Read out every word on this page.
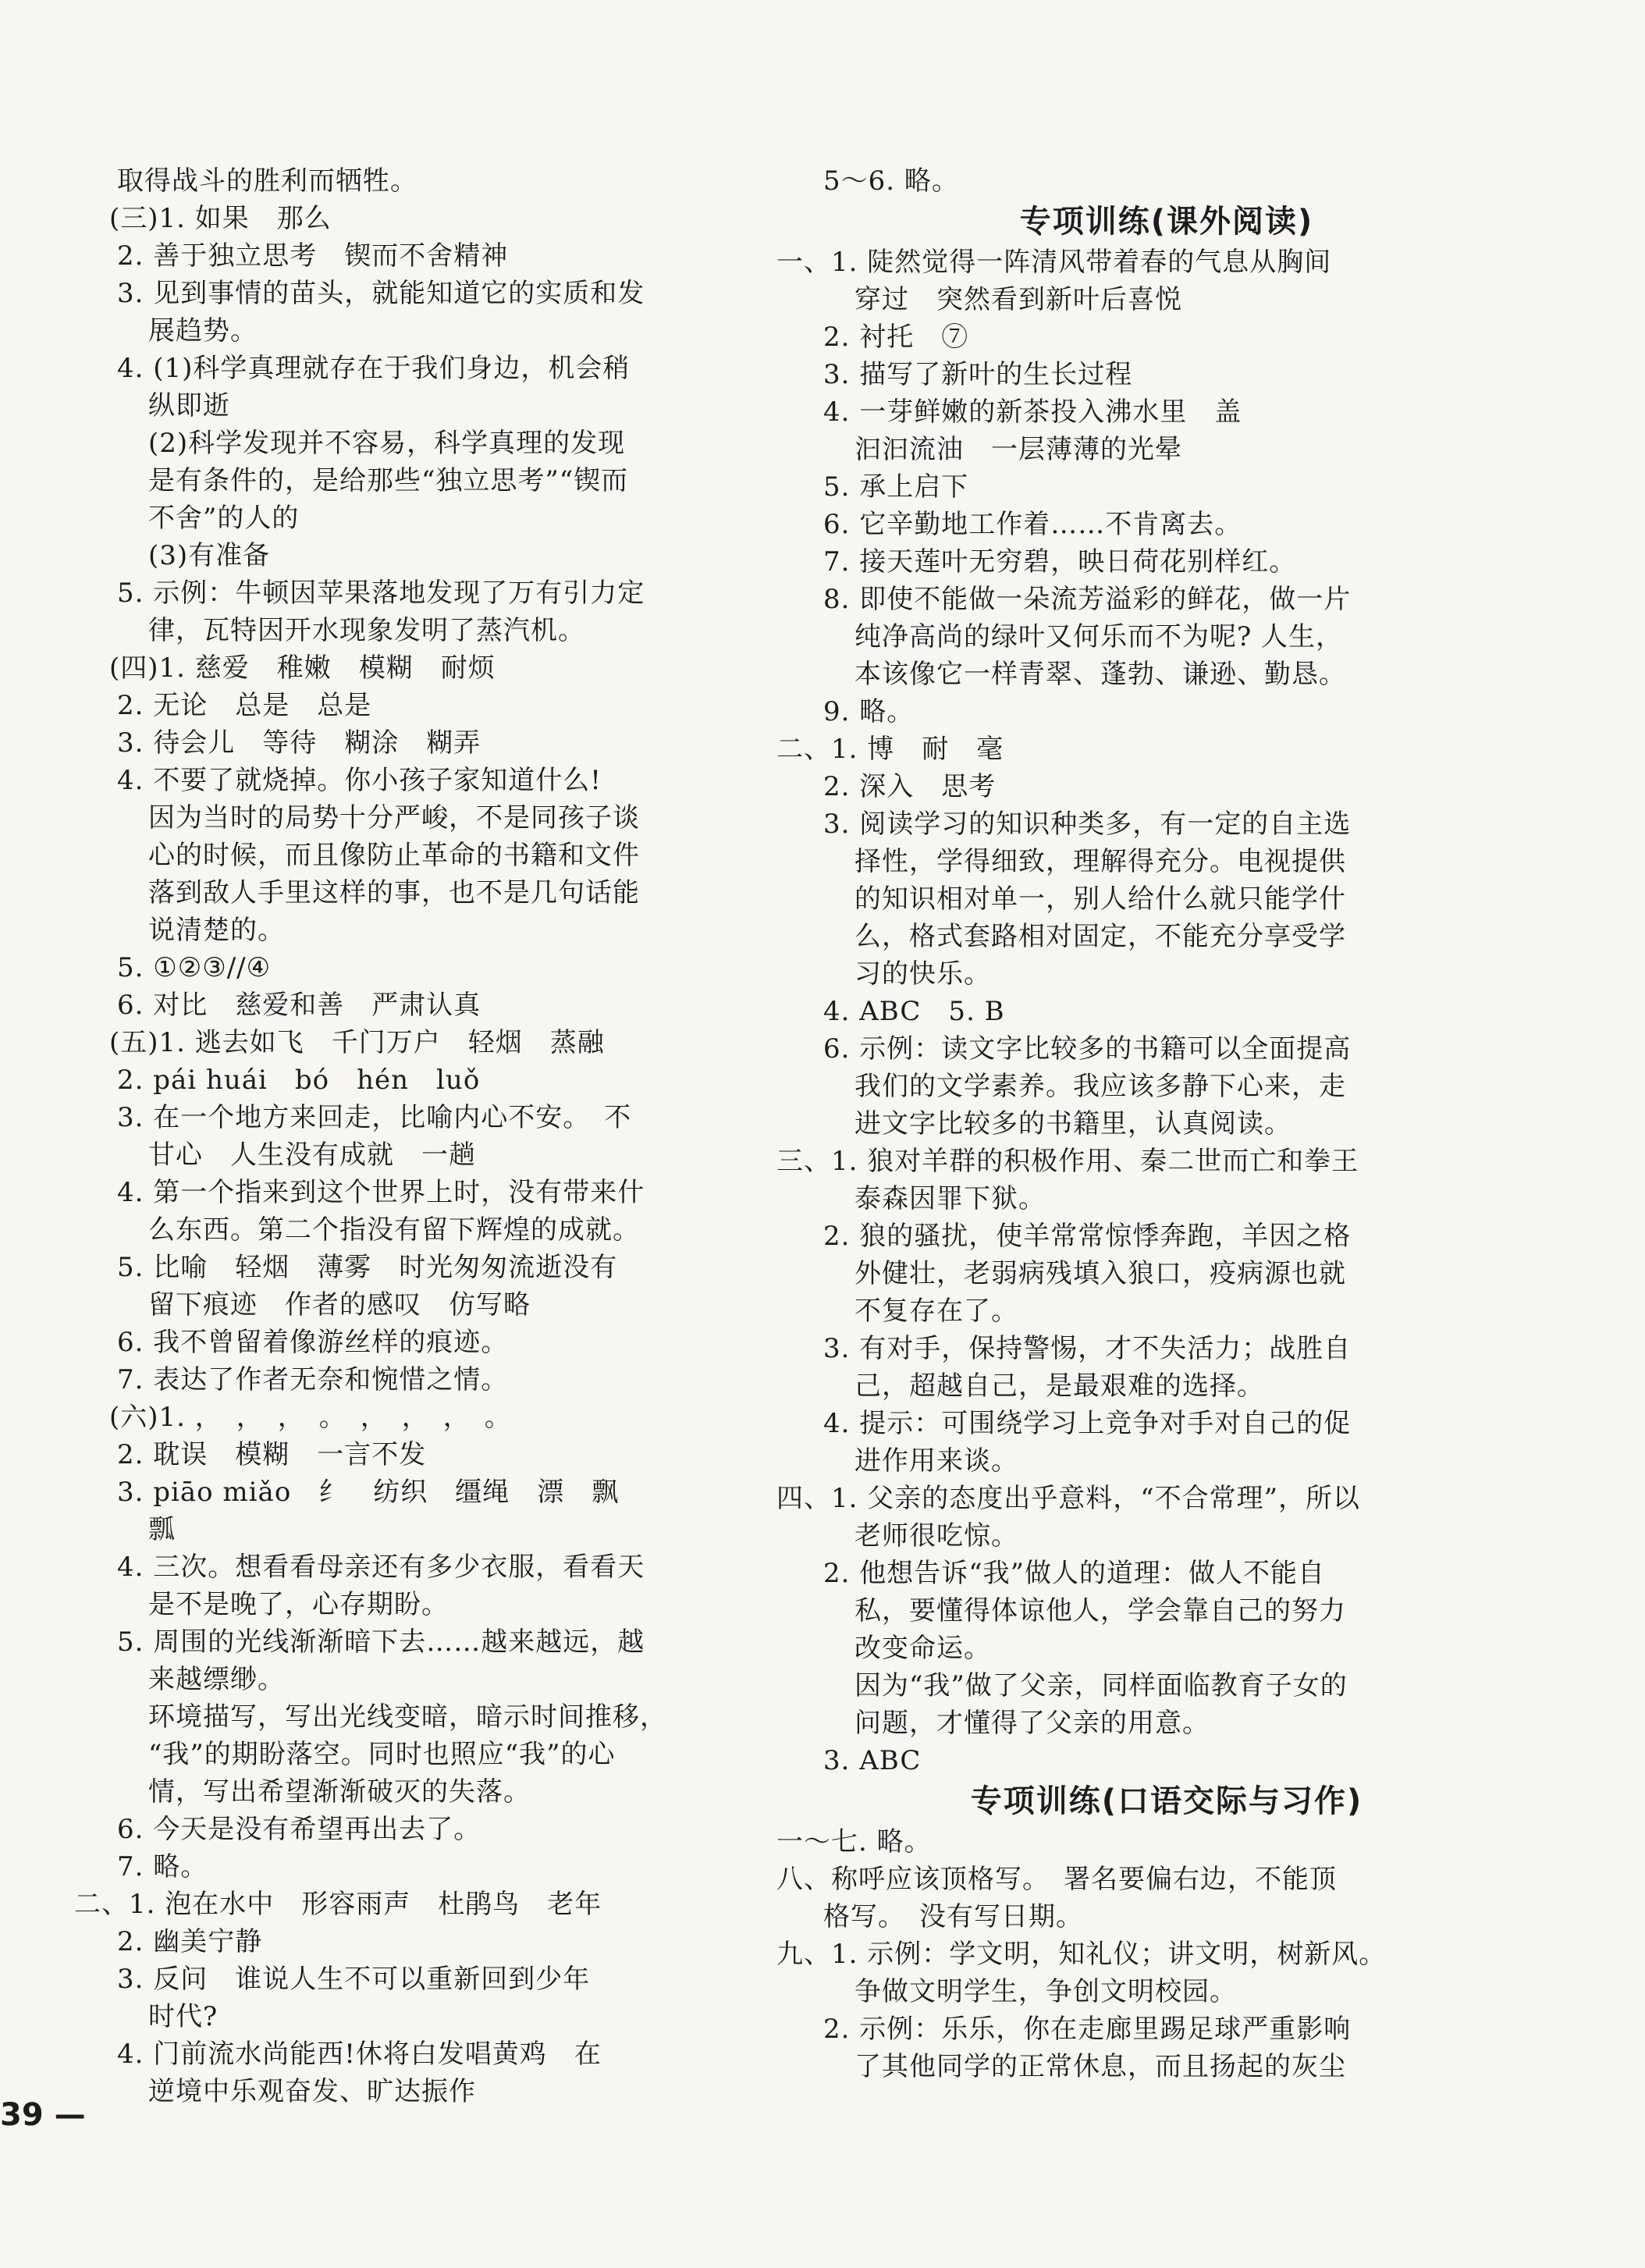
取得战斗的胜利而牺牲。
(三)1. 如果　那么
2. 善于独立思考　锲而不舍精神
3. 见到事情的苗头，就能知道它的实质和发
展趋势。
4. (1)科学真理就存在于我们身边，机会稍
纵即逝
(2)科学发现并不容易，科学真理的发现
是有条件的，是给那些“独立思考”“锲而
不舍”的人的
(3)有准备
5. 示例：牛顿因苹果落地发现了万有引力定
律，瓦特因开水现象发明了蒸汽机。
(四)1. 慈爱　稚嫩　模糊　耐烦
2. 无论　总是　总是
3. 待会儿　等待　糊涂　糊弄
4. 不要了就烧掉。你小孩子家知道什么!
因为当时的局势十分严峻，不是同孩子谈
心的时候，而且像防止革命的书籍和文件
落到敌人手里这样的事，也不是几句话能
说清楚的。
5. ①②③//④
6. 对比　慈爱和善　严肃认真
(五)1. 逃去如飞　千门万户　轻烟　蒸融
2. pái huái　bó　hén　luǒ
3. 在一个地方来回走，比喻内心不安。　不
甘心　人生没有成就　一趟
4. 第一个指来到这个世界上时，没有带来什
么东西。第二个指没有留下辉煌的成就。
5. 比喻　轻烟　薄雾　时光匆匆流逝没有
留下痕迹　作者的感叹　仿写略
6. 我不曾留着像游丝样的痕迹。
7. 表达了作者无奈和惋惜之情。
(六)1. ，　，　，　。　，　，　，　。
2. 耽误　模糊　一言不发
3. piāo miǎo　纟　纺织　缰绳　漂　飘
瓢
4. 三次。想看看母亲还有多少衣服，看看天
是不是晚了，心存期盼。
5. 周围的光线渐渐暗下去……越来越远，越
来越缥缈。
环境描写，写出光线变暗，暗示时间推移，
“我”的期盼落空。同时也照应“我”的心
情，写出希望渐渐破灭的失落。
6. 今天是没有希望再出去了。
7. 略。
二、1. 泡在水中　形容雨声　杜鹃鸟　老年
2. 幽美宁静
3. 反问　谁说人生不可以重新回到少年
时代?
4. 门前流水尚能西!休将白发唱黄鸡　在
逆境中乐观奋发、旷达振作
5～6. 略。
专项训练(课外阅读)
一、1. 陡然觉得一阵清风带着春的气息从胸间
穿过　突然看到新叶后喜悦
2. 衬托　⑦
3. 描写了新叶的生长过程
4. 一芽鲜嫩的新茶投入沸水里　盖
汩汩流油　一层薄薄的光晕
5. 承上启下
6. 它辛勤地工作着……不肯离去。
7. 接天莲叶无穷碧，映日荷花别样红。
8. 即使不能做一朵流芳溢彩的鲜花，做一片
纯净高尚的绿叶又何乐而不为呢? 人生，
本该像它一样青翠、蓬勃、谦逊、勤恳。
9. 略。
二、1. 博　耐　毫
2. 深入　思考
3. 阅读学习的知识种类多，有一定的自主选
择性，学得细致，理解得充分。电视提供
的知识相对单一，别人给什么就只能学什
么，格式套路相对固定，不能充分享受学
习的快乐。
4. ABC　5. B
6. 示例：读文字比较多的书籍可以全面提高
我们的文学素养。我应该多静下心来，走
进文字比较多的书籍里，认真阅读。
三、1. 狼对羊群的积极作用、秦二世而亡和拳王
泰森因罪下狱。
2. 狼的骚扰，使羊常常惊悸奔跑，羊因之格
外健壮，老弱病残填入狼口，疫病源也就
不复存在了。
3. 有对手，保持警惕，才不失活力；战胜自
己，超越自己，是最艰难的选择。
4. 提示：可围绕学习上竞争对手对自己的促
进作用来谈。
四、1. 父亲的态度出乎意料，“不合常理”，所以
老师很吃惊。
2. 他想告诉“我”做人的道理：做人不能自
私，要懂得体谅他人，学会靠自己的努力
改变命运。
因为“我”做了父亲，同样面临教育子女的
问题，才懂得了父亲的用意。
3. ABC
专项训练(口语交际与习作)
一～七. 略。
八、称呼应该顶格写。　署名要偏右边，不能顶
格写。　没有写日期。
九、1. 示例：学文明，知礼仪；讲文明，树新风。
争做文明学生，争创文明校园。
2. 示例：乐乐，你在走廊里踢足球严重影响
了其他同学的正常休息，而且扬起的灰尘
39 —
